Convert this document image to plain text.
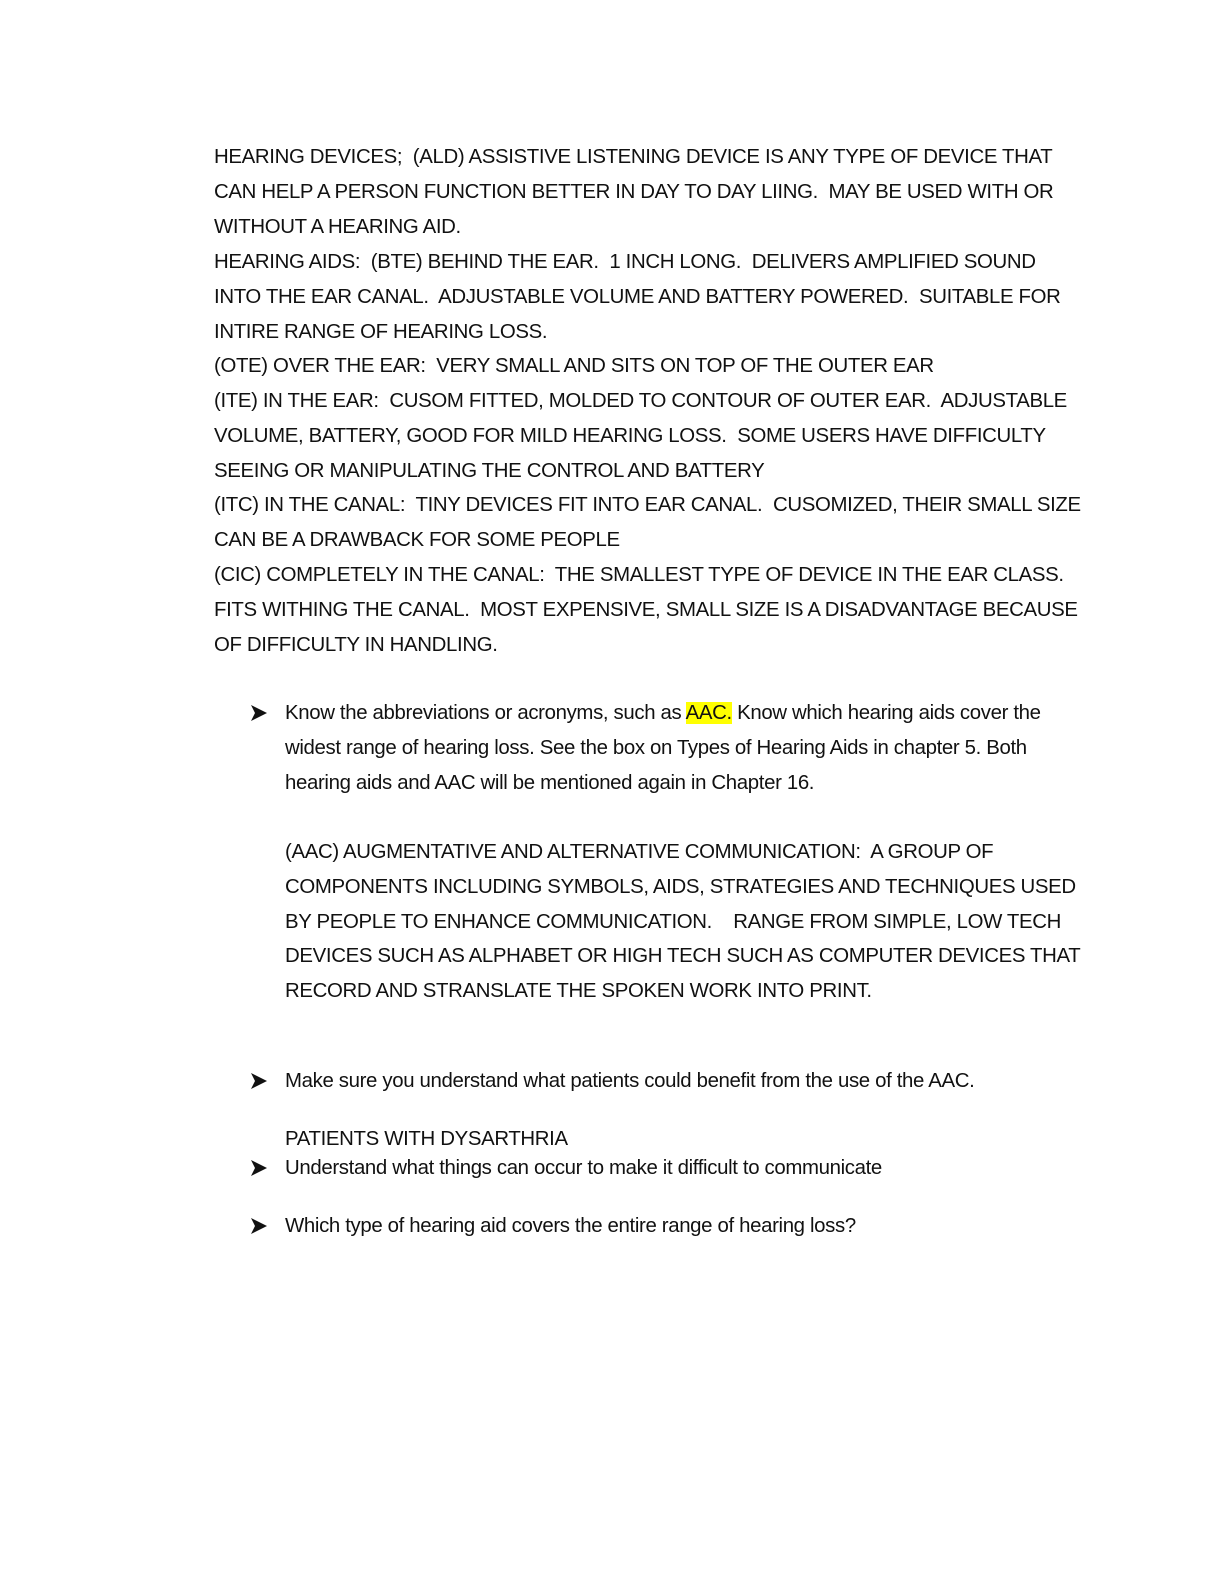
HEARING DEVICES;  (ALD) ASSISTIVE LISTENING DEVICE IS ANY TYPE OF DEVICE THAT CAN HELP A PERSON FUNCTION BETTER IN DAY TO DAY LIING.  MAY BE USED WITH OR WITHOUT A HEARING AID.

HEARING AIDS:  (BTE) BEHIND THE EAR.  1 INCH LONG.  DELIVERS AMPLIFIED SOUND INTO THE EAR CANAL.  ADJUSTABLE VOLUME AND BATTERY POWERED.  SUITABLE FOR INTIRE RANGE OF HEARING LOSS.

(OTE) OVER THE EAR:  VERY SMALL AND SITS ON TOP OF THE OUTER EAR

(ITE) IN THE EAR:  CUSOM FITTED, MOLDED TO CONTOUR OF OUTER EAR.  ADJUSTABLE VOLUME, BATTERY, GOOD FOR MILD HEARING LOSS.  SOME USERS HAVE DIFFICULTY SEEING OR MANIPULATING THE CONTROL AND BATTERY

(ITC) IN THE CANAL:  TINY DEVICES FIT INTO EAR CANAL.  CUSOMIZED, THEIR SMALL SIZE CAN BE A DRAWBACK FOR SOME PEOPLE

(CIC) COMPLETELY IN THE CANAL:  THE SMALLEST TYPE OF DEVICE IN THE EAR CLASS.  FITS WITHING THE CANAL.  MOST EXPENSIVE, SMALL SIZE IS A DISADVANTAGE BECAUSE OF DIFFICULTY IN HANDLING.

Know the abbreviations or acronyms, such as AAC. Know which hearing aids cover the widest range of hearing loss. See the box on Types of Hearing Aids in chapter 5. Both hearing aids and AAC will be mentioned again in Chapter 16.

(AAC) AUGMENTATIVE AND ALTERNATIVE COMMUNICATION:  A GROUP OF COMPONENTS INCLUDING SYMBOLS, AIDS, STRATEGIES AND TECHNIQUES USED BY PEOPLE TO ENHANCE COMMUNICATION.    RANGE FROM SIMPLE, LOW TECH DEVICES SUCH AS ALPHABET OR HIGH TECH SUCH AS COMPUTER DEVICES THAT RECORD AND STRANSLATE THE SPOKEN WORK INTO PRINT.

Make sure you understand what patients could benefit from the use of the AAC.

PATIENTS WITH DYSARTHRIA

Understand what things can occur to make it difficult to communicate

Which type of hearing aid covers the entire range of hearing loss?
